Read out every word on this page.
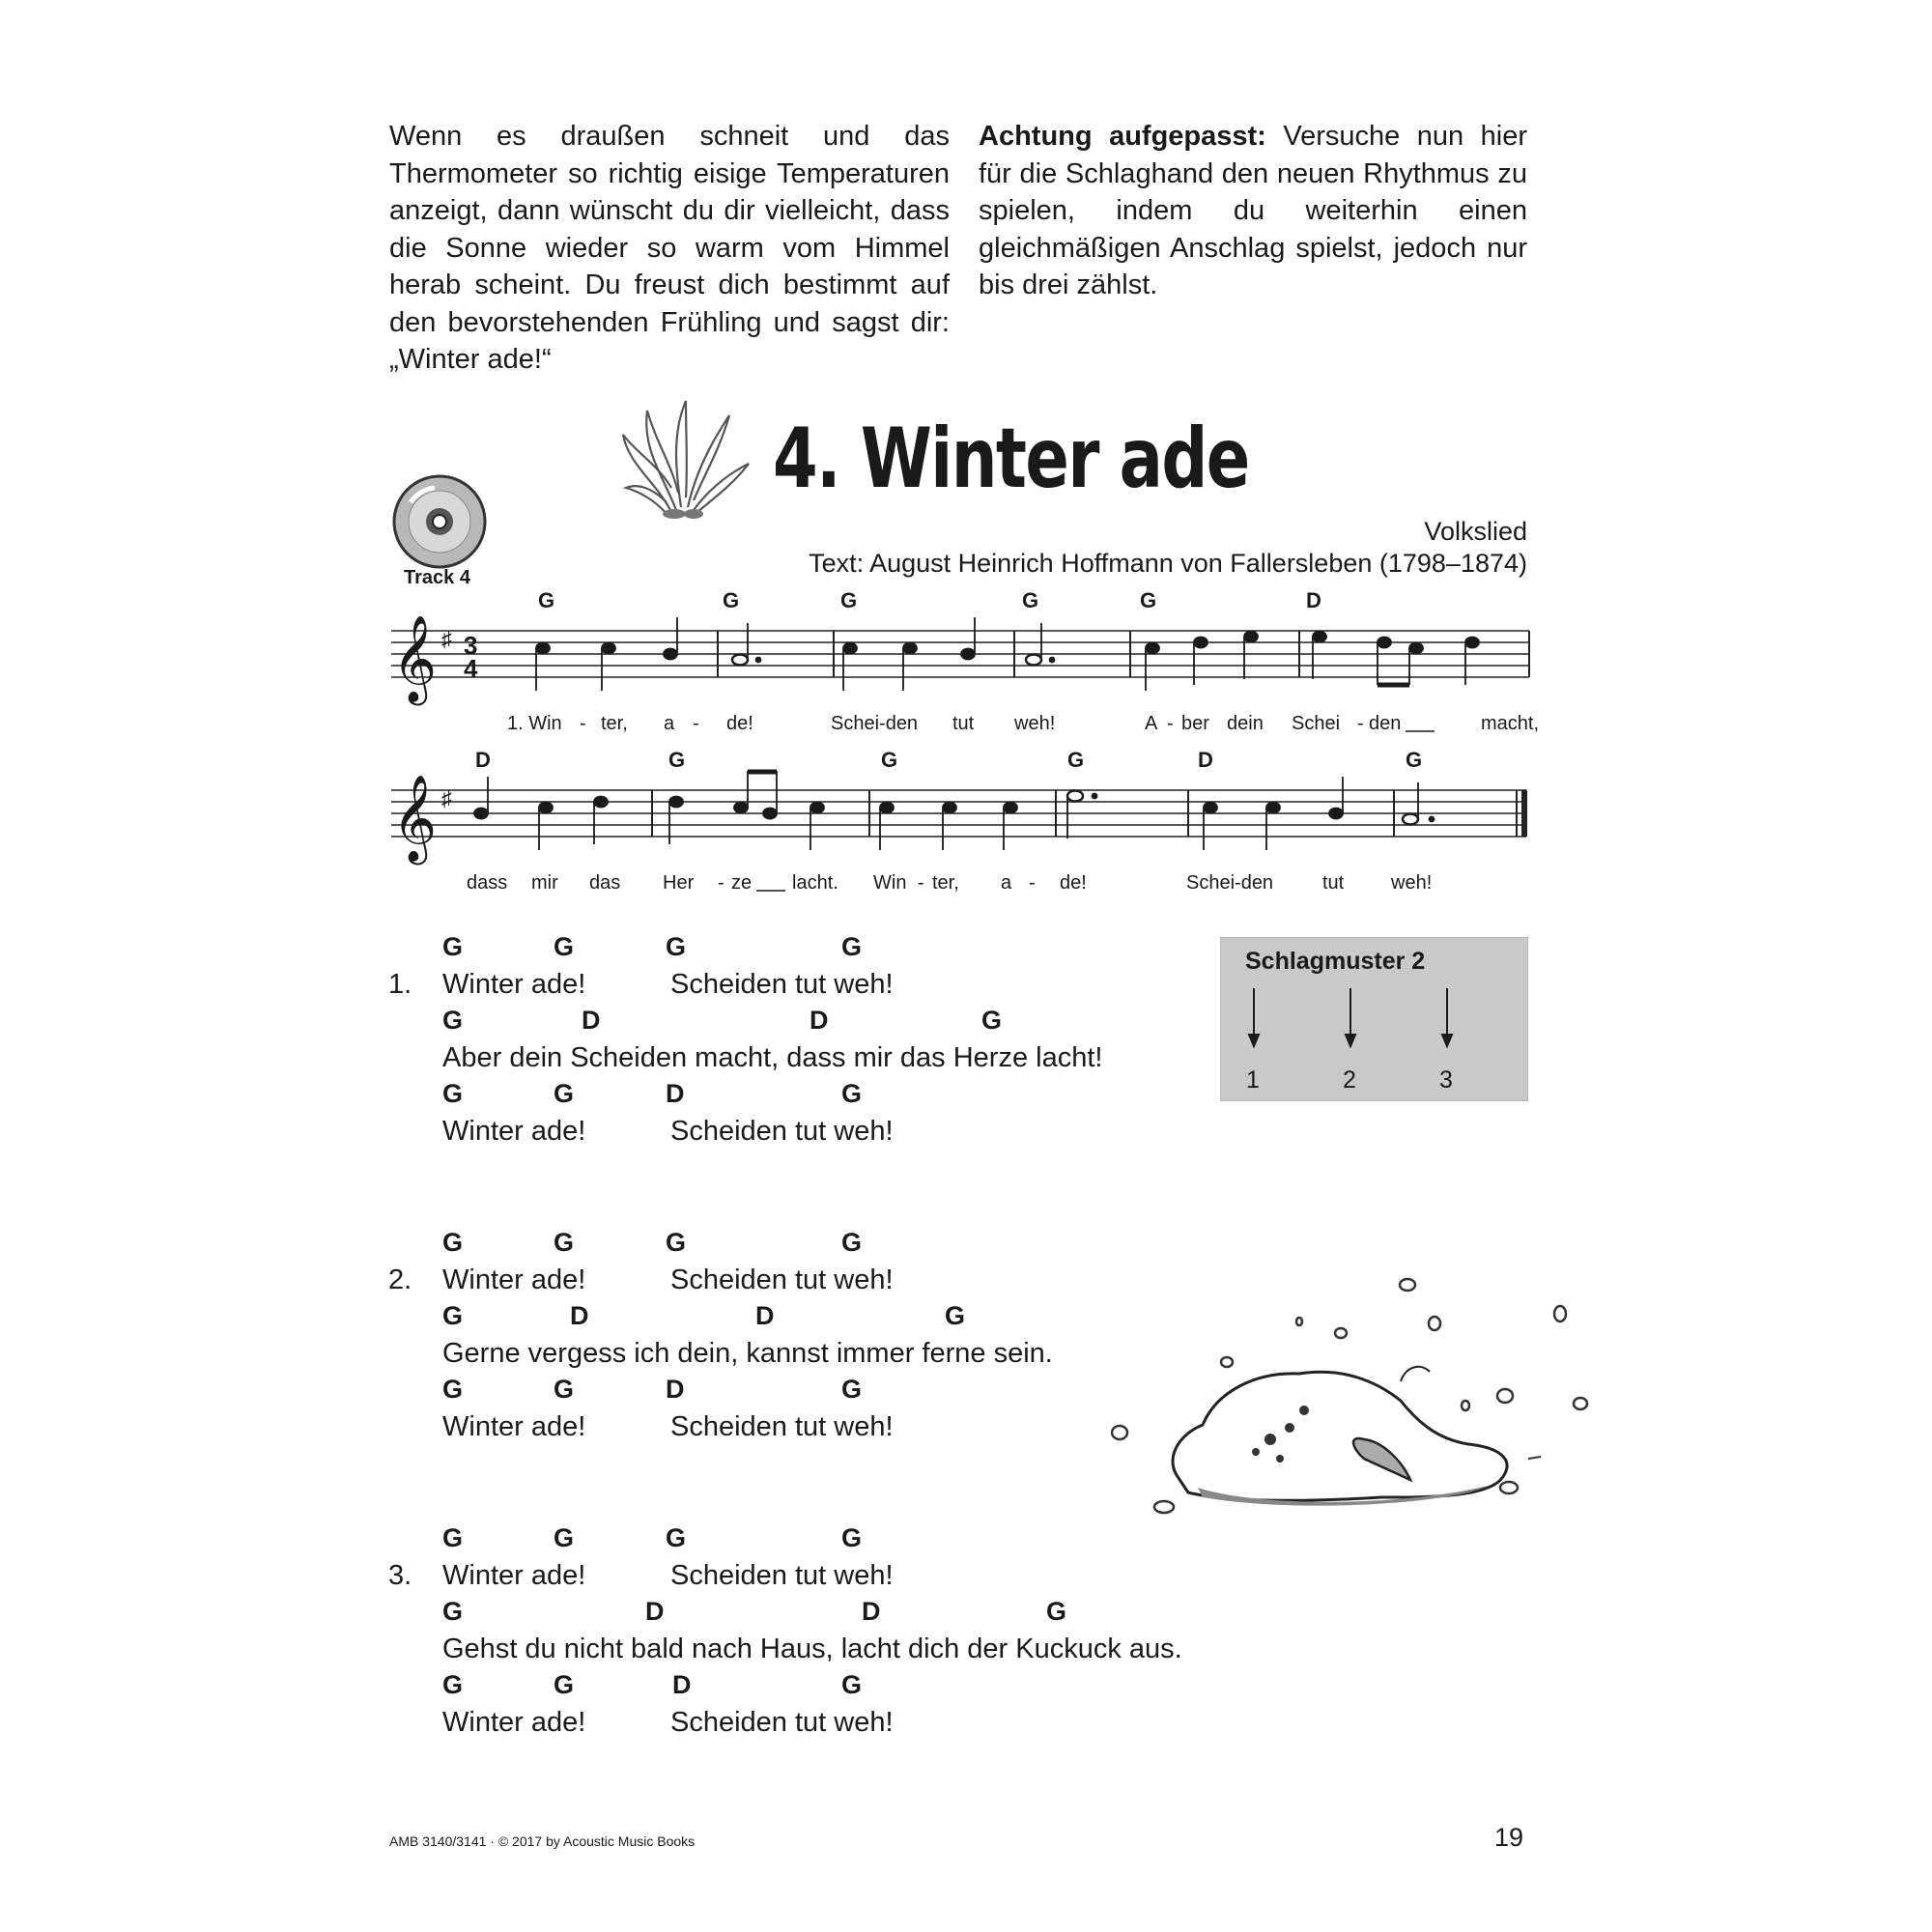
Wenn es draußen schneit und das Thermometer so richtig eisige Temperaturen anzeigt, dann wünscht du dir vielleicht, dass die Sonne wieder so warm vom Himmel herab scheint. Du freust dich bestimmt auf den bevorstehenden Frühling und sagst dir: „Winter ade!“

Achtung aufgepasst: Versuche nun hier für die Schlaghand den neuen Rhythmus zu spielen, indem du weiterhin einen gleichmäßigen Anschlag spielst, jedoch nur bis drei zählst.

4. Winter ade
Track 4
Volkslied
Text: August Heinrich Hoffmann von Fallersleben (1798–1874)
G	G	G	G	G	D
𝄞 ♯ 3
4
1. Win - ter, a - de!	Schei-den tut weh!	A - ber dein Schei - den	macht,
D	G	G	G	D	G
𝄞 ♯
dass mir das Her - ze lacht. Win - ter, a - de!	Schei-den	tut weh!
G	G	G	G
1. Winter ade!	Scheiden tut weh!
G	D	D	G
Aber dein Scheiden macht, dass mir das Herze lacht!
G	G	D	G
Winter ade!	Scheiden tut weh!
G	G	G	G
2. Winter ade!	Scheiden tut weh!
G	D	D	G
Gerne vergess ich dein, kannst immer ferne sein.
G	G	D	G
Winter ade!	Scheiden tut weh!
G	G	G	G
3. Winter ade!	Scheiden tut weh!
G	D	D	G
Gehst du nicht bald nach Haus, lacht dich der Kuckuck aus.
G	G	D	G
Winter ade!	Scheiden tut weh!
Schlagmuster 2
1	2	3
AMB 3140/3141 · © 2017 by Acoustic Music Books	19
